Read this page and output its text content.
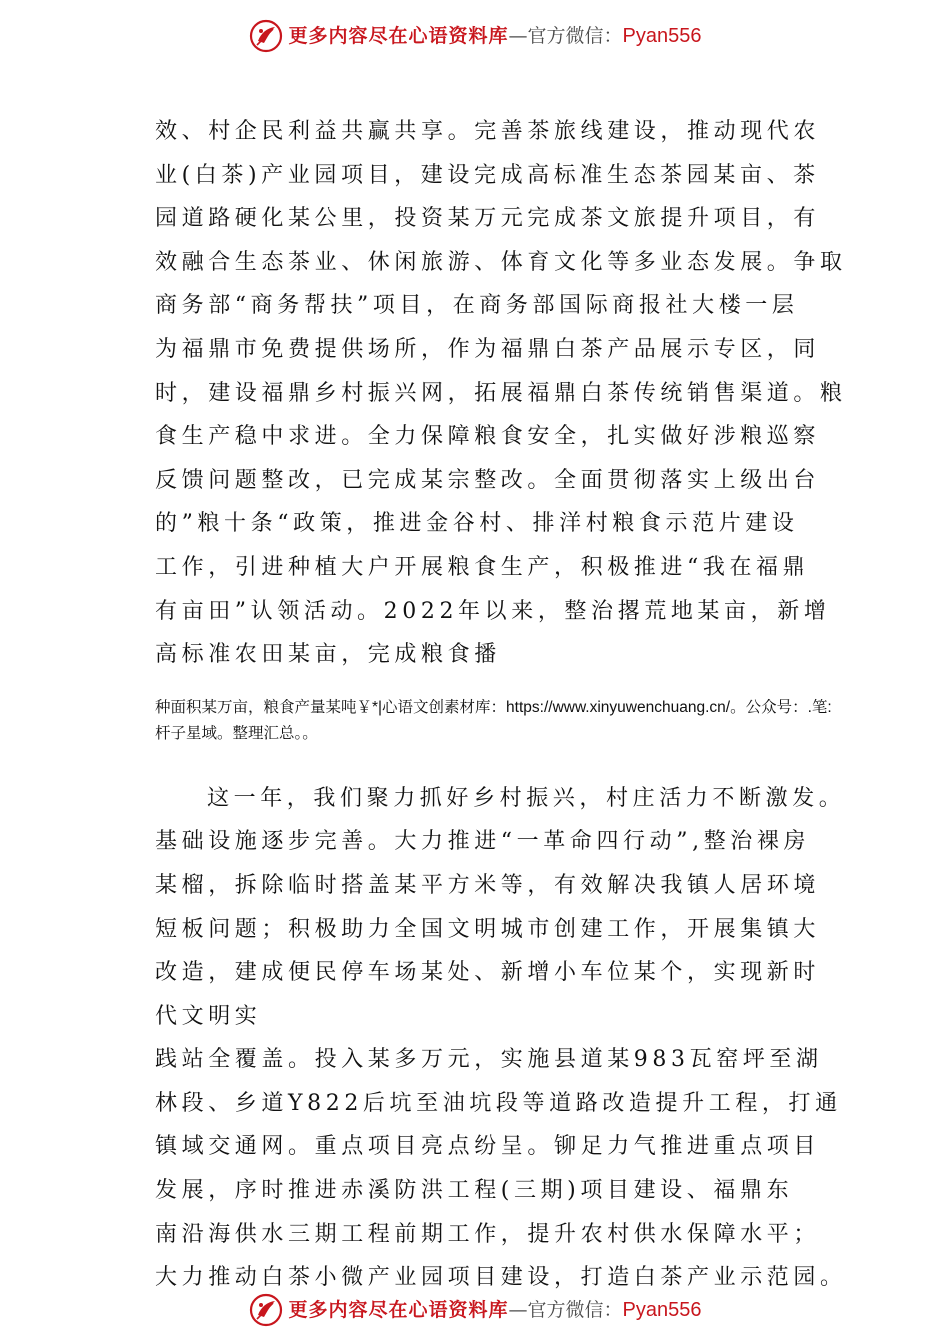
更多内容尽在心语资料库—官方微信：Pyan556
效、村企民利益共赢共享。完善茶旅线建设，推动现代农
业(白茶)产业园项目，建设完成高标准生态茶园某亩、茶
园道路硬化某公里，投资某万元完成茶文旅提升项目，有
效融合生态茶业、休闲旅游、体育文化等多业态发展。争取
商务部“商务帮扶”项目，在商务部国际商报社大楼一层
为福鼎市免费提供场所，作为福鼎白茶产品展示专区，同
时，建设福鼎乡村振兴网，拓展福鼎白茶传统销售渠道。粮
食生产稳中求进。全力保障粮食安全，扎实做好涉粮巡察
反馈问题整改，已完成某宗整改。全面贯彻落实上级出台
的”粮十条“政策，推进金谷村、排洋村粮食示范片建设
工作，引进种植大户开展粮食生产，积极推进“我在福鼎
有亩田”认领活动。2022年以来，整治撂荒地某亩，新增
高标准农田某亩，完成粮食播
种面积某万亩，粮食产量某吨￥*|心语文创素材库：https://www.xinyuwenchuang.cn/。公众号：.笔:杆子星域。整理汇总。。
这一年，我们聚力抓好乡村振兴，村庄活力不断激发。
基础设施逐步完善。大力推进“一革命四行动”,整治裸房
某榴，拆除临时搭盖某平方米等，有效解决我镇人居环境
短板问题；积极助力全国文明城市创建工作，开展集镇大
改造，建成便民停车场某处、新增小车位某个，实现新时
代文明实
践站全覆盖。投入某多万元，实施县道某983瓦窑坪至湖
林段、乡道Y822后坑至油坑段等道路改造提升工程，打通
镇域交通网。重点项目亮点纷呈。铆足力气推进重点项目
发展，序时推进赤溪防洪工程(三期)项目建设、福鼎东
南沿海供水三期工程前期工作，提升农村供水保障水平；
大力推动白茶小微产业园项目建设，打造白茶产业示范园。
更多内容尽在心语资料库—官方微信：Pyan556
